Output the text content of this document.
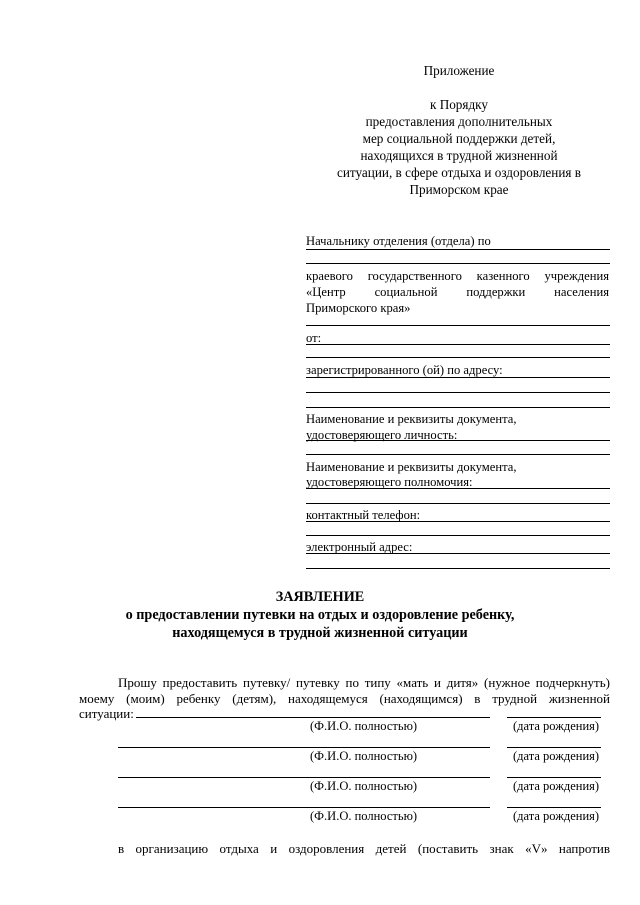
Приложение
к Порядку
предоставления дополнительных
мер социальной поддержки детей,
находящихся в трудной жизненной
ситуации, в сфере отдыха и оздоровления в
Приморском крае
Начальнику отделения (отдела) по
краевого государственного казенного учреждения
«Центр социальной поддержки населения
Приморского края»
от:
зарегистрированного (ой) по адресу:
Наименование и реквизиты документа,
удостоверяющего личность:
Наименование и реквизиты документа,
удостоверяющего полномочия:
контактный телефон:
электронный адрес:
ЗАЯВЛЕНИЕ
о предоставлении путевки на отдых и оздоровление ребенку,
находящемуся в трудной жизненной ситуации
Прошу предоставить путевку/ путевку по типу «мать и дитя» (нужное подчеркнуть)
моему (моим) ребенку (детям), находящемуся (находящимся) в трудной жизненной
ситуации:
(Ф.И.О. полностью)	(дата рождения)
(Ф.И.О. полностью)	(дата рождения)
(Ф.И.О. полностью)	(дата рождения)
(Ф.И.О. полностью)	(дата рождения)
в организацию отдыха и оздоровления детей (поставить знак «V» напротив
